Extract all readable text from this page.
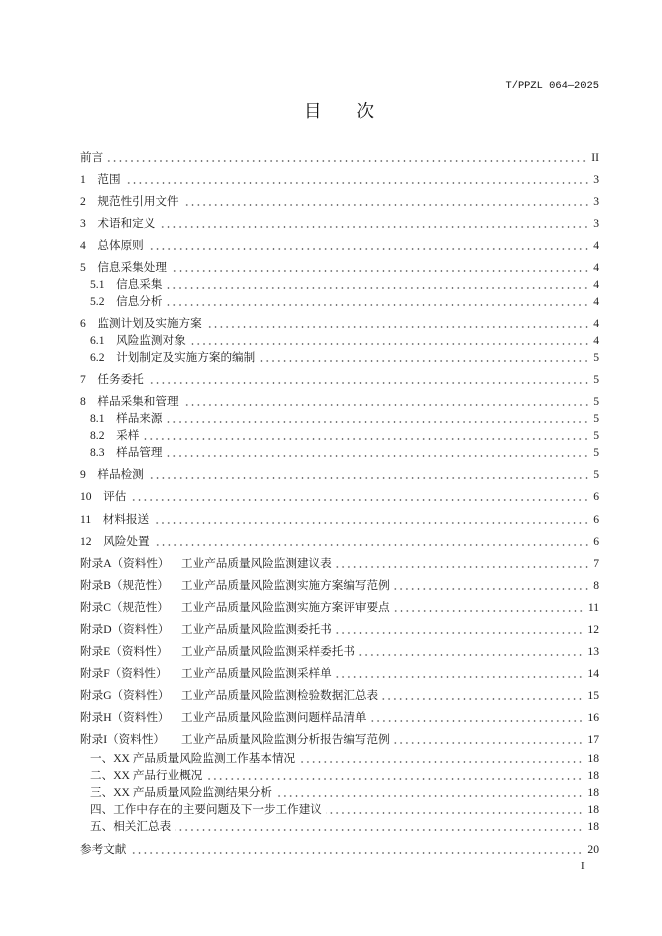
T/PPZL 064—2025
目　　次
前言	II
1 范围	3
2 规范性引用文件	3
3 术语和定义	3
4 总体原则	4
5 信息采集处理	4
5.1 信息采集	4
5.2 信息分析	4
6 监测计划及实施方案	4
6.1 风险监测对象	4
6.2 计划制定及实施方案的编制	5
7 任务委托	5
8 样品采集和管理	5
8.1 样品来源	5
8.2 采样	5
8.3 样品管理	5
9 样品检测	5
10 评估	6
11 材料报送	6
12 风险处置	6
附录A（资料性） 工业产品质量风险监测建议表	7
附录B（规范性）	工业产品质量风险监测实施方案编写范例	8
附录C（规范性）	工业产品质量风险监测实施方案评审要点	11
附录D（资料性） 工业产品质量风险监测委托书	12
附录E（资料性）	工业产品质量风险监测采样委托书	13
附录F（资料性）	工业产品质量风险监测采样单	14
附录G（资料性） 工业产品质量风险监测检验数据汇总表	15
附录H（资料性） 工业产品质量风险监测问题样品清单	16
附录I（资料性）	工业产品质量风险监测分析报告编写范例	17
一、XX 产品质量风险监测工作基本情况	18
二、XX 产品行业概况	18
三、XX 产品质量风险监测结果分析	18
四、工作中存在的主要问题及下一步工作建议	18
五、相关汇总表	18
参考文献	20
I
